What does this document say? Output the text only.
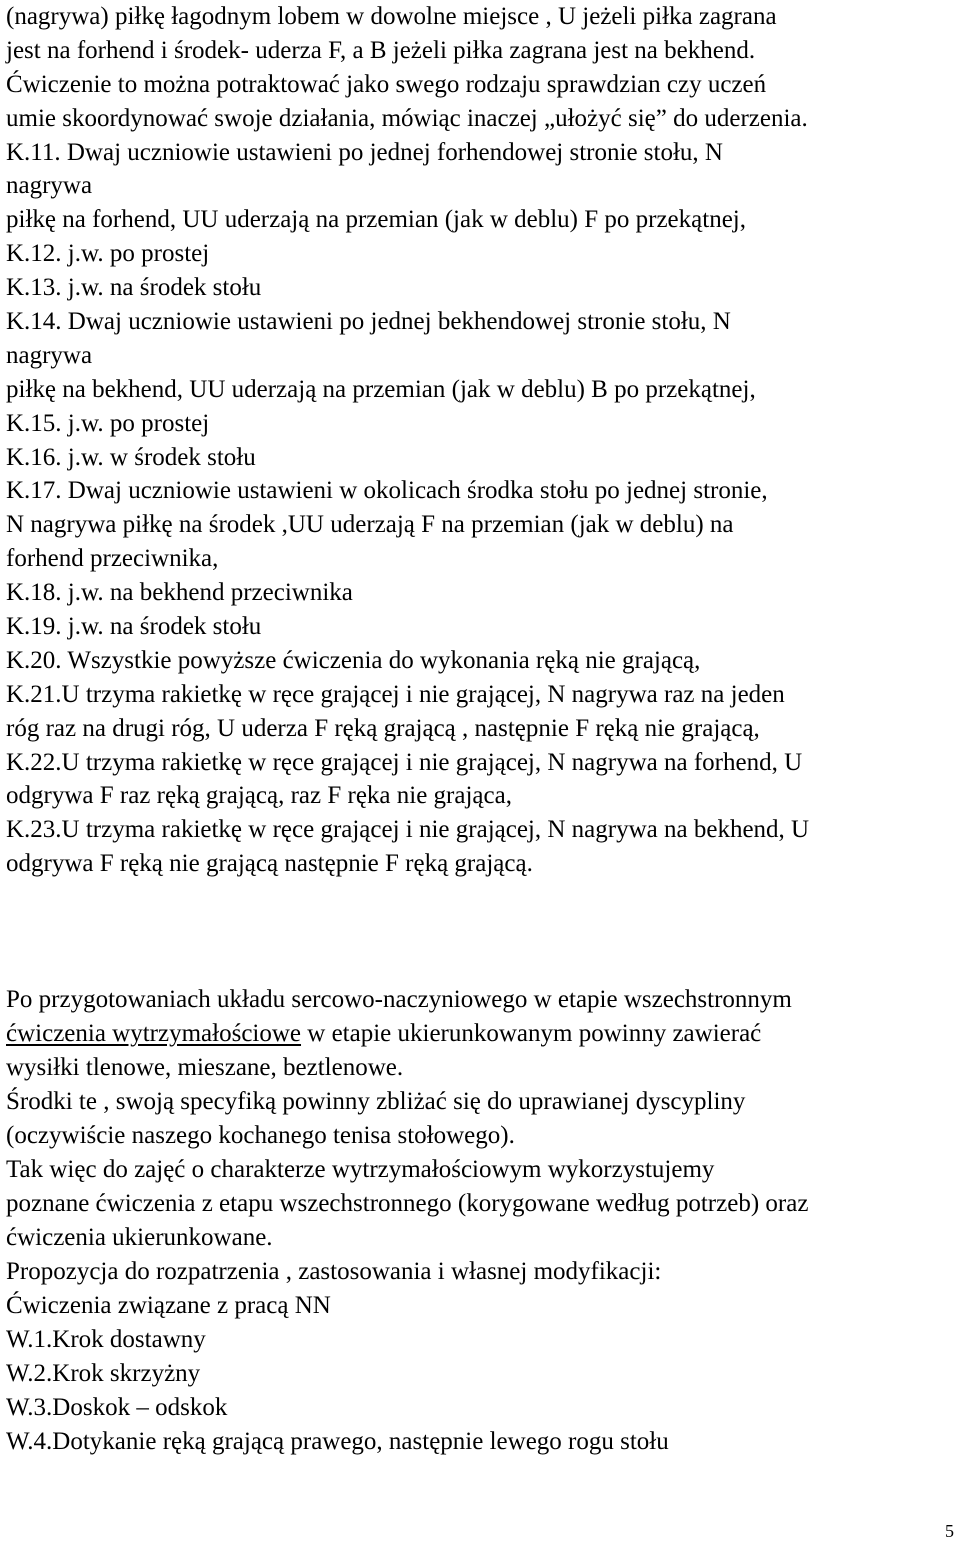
(nagrywa) piłkę łagodnym lobem w dowolne miejsce , U jeżeli piłka zagrana
jest na forhend i środek- uderza F, a B jeżeli piłka zagrana jest na bekhend.
Ćwiczenie to można potraktować jako swego rodzaju sprawdzian czy uczeń
umie skoordynować swoje działania, mówiąc inaczej „ułożyć się” do uderzenia.
K.11. Dwaj uczniowie ustawieni po jednej forhendowej stronie stołu, N
nagrywa
piłkę na forhend, UU uderzają na przemian (jak w deblu) F po przekątnej,
K.12. j.w. po prostej
K.13. j.w. na środek stołu
K.14. Dwaj uczniowie ustawieni po jednej bekhendowej stronie stołu, N
nagrywa
piłkę na bekhend, UU uderzają na przemian (jak w deblu) B po przekątnej,
K.15. j.w. po prostej
K.16. j.w. w środek stołu
K.17. Dwaj uczniowie ustawieni w okolicach środka stołu po jednej stronie,
N nagrywa piłkę na środek ,UU uderzają F na przemian (jak w deblu) na
forhend przeciwnika,
K.18. j.w. na bekhend przeciwnika
K.19. j.w. na środek stołu
K.20. Wszystkie powyższe ćwiczenia do wykonania ręką nie grającą,
K.21.U trzyma rakietkę w ręce grającej i nie grającej, N nagrywa raz na jeden
róg raz na drugi róg, U uderza F ręką grającą , następnie F ręką nie grającą,
K.22.U trzyma rakietkę w ręce grającej i nie grającej, N nagrywa na forhend, U
odgrywa F raz ręką grającą, raz F ręka nie grająca,
K.23.U trzyma rakietkę w ręce grającej i nie grającej, N nagrywa na bekhend, U
odgrywa F ręką nie grającą następnie F ręką grającą.
Po przygotowaniach układu sercowo-naczyniowego w etapie wszechstronnym
ćwiczenia wytrzymałościowe w etapie ukierunkowanym powinny zawierać
wysiłki tlenowe, mieszane, beztlenowe.
Środki te , swoją specyfiką powinny zbliżać się do uprawianej dyscypliny
(oczywiście naszego kochanego tenisa stołowego).
Tak więc do zajęć o charakterze wytrzymałościowym wykorzystujemy
poznane ćwiczenia z etapu wszechstronnego (korygowane według potrzeb) oraz
ćwiczenia ukierunkowane.
Propozycja do rozpatrzenia , zastosowania i własnej modyfikacji:
Ćwiczenia związane z pracą NN
W.1.Krok dostawny
W.2.Krok skrzyżny
W.3.Doskok – odskok
W.4.Dotykanie ręką grającą prawego, następnie lewego rogu stołu
5
